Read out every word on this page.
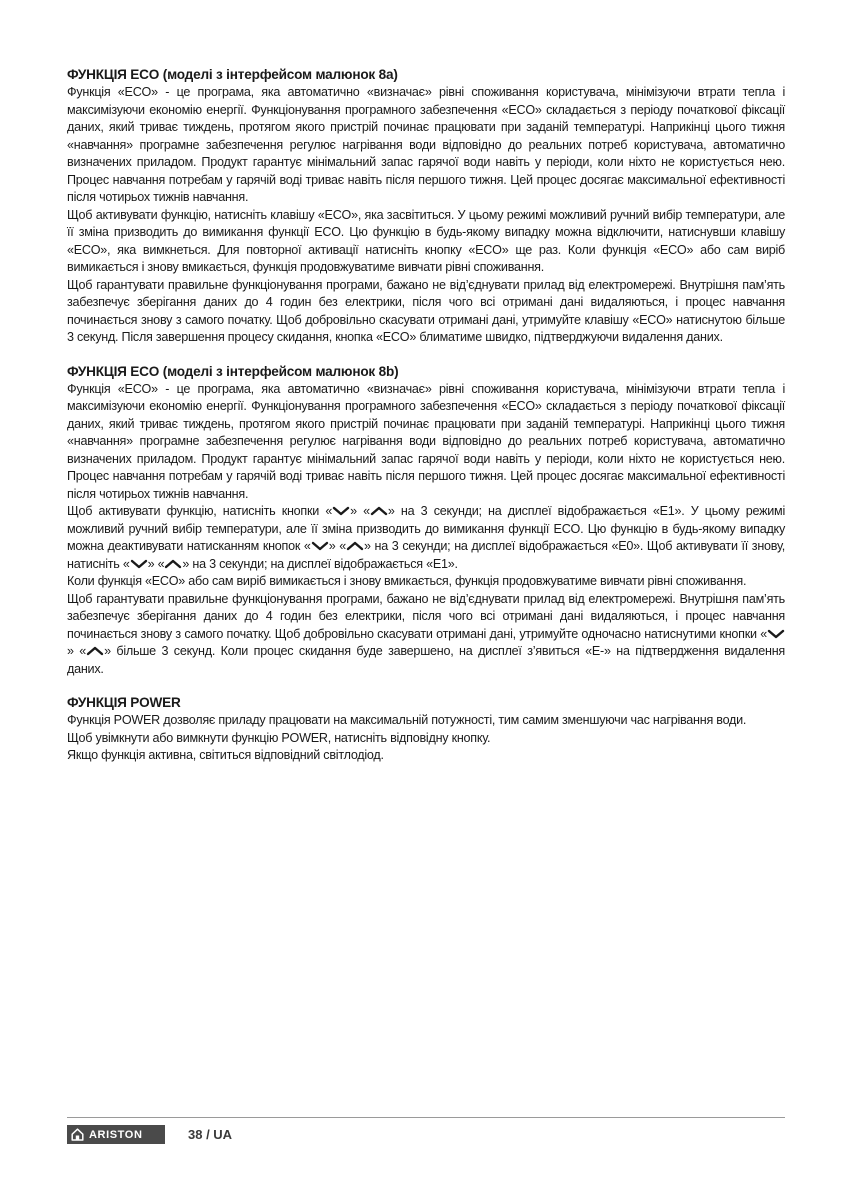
ФУНКЦІЯ ECO (моделі з інтерфейсом малюнок 8a)

Функція «ECO» - це програма, яка автоматично «визначає» рівні споживання користувача, мінімізуючи втрати тепла і максимізуючи економію енергії. Функціонування програмного забезпечення «ECO» складається з періоду початкової фіксації даних, який триває тиждень, протягом якого пристрій починає працювати при заданій температурі. Наприкінці цього тижня «навчання» програмне забезпечення регулює нагрівання води відповідно до реальних потреб користувача, автоматично визначених приладом. Продукт гарантує мінімальний запас гарячої води навіть у періоди, коли ніхто не користується нею. Процес навчання потребам у гарячій воді триває навіть після першого тижня. Цей процес досягає максимальної ефективності після чотирьох тижнів навчання.

Щоб активувати функцію, натисніть клавішу «ECO», яка засвітиться. У цьому режимі можливий ручний вибір температури, але її зміна призводить до вимикання функції ECO. Цю функцію в будь-якому випадку можна відключити, натиснувши клавішу «ECO», яка вимкнеться. Для повторної активації натисніть кнопку «ECO» ще раз. Коли функція «ECO» або сам виріб вимикається і знову вмикається, функція продовжуватиме вивчати рівні споживання.

Щоб гарантувати правильне функціонування програми, бажано не від’єднувати прилад від електромережі. Внутрішня пам’ять забезпечує зберігання даних до 4 годин без електрики, після чого всі отримані дані видаляються, і процес навчання починається знову з самого початку. Щоб добровільно скасувати отримані дані, утримуйте клавішу «ECO» натиснутою більше 3 секунд. Після завершення процесу скидання, кнопка «ECO» блиматиме швидко, підтверджуючи видалення даних.

ФУНКЦІЯ ECO (моделі з інтерфейсом малюнок 8b)

Функція «ECO» - це програма, яка автоматично «визначає» рівні споживання користувача, мінімізуючи втрати тепла і максимізуючи економію енергії. Функціонування програмного забезпечення «ECO» складається з періоду початкової фіксації даних, який триває тиждень, протягом якого пристрій починає працювати при заданій температурі. Наприкінці цього тижня «навчання» програмне забезпечення регулює нагрівання води відповідно до реальних потреб користувача, автоматично визначених приладом. Продукт гарантує мінімальний запас гарячої води навіть у періоди, коли ніхто не користується нею. Процес навчання потребам у гарячій воді триває навіть після першого тижня. Цей процес досягає максимальної ефективності після чотирьох тижнів навчання.

Щоб активувати функцію, натисніть кнопки « » « » на 3 секунди; на дисплеї відображається «E1». У цьому режимі можливий ручний вибір температури, але її зміна призводить до вимикання функції ECO. Цю функцію в будь-якому випадку можна деактивувати натисканням кнопок « » « » на 3 секунди; на дисплеї відображається «E0». Щоб активувати її знову, натисніть « » « » на 3 секунди; на дисплеї відображається «E1».

Коли функція «ECO» або сам виріб вимикається і знову вмикається, функція продовжуватиме вивчати рівні споживання.

Щоб гарантувати правильне функціонування програми, бажано не від’єднувати прилад від електромережі. Внутрішня пам’ять забезпечує зберігання даних до 4 годин без електрики, після чого всі отримані дані видаляються, і процес навчання починається знову з самого початку. Щоб добровільно скасувати отримані дані, утримуйте одночасно натиснутими кнопки «» « » більше 3 секунд. Коли процес скидання буде завершено, на дисплеї з’явиться «E-» на підтвердження видалення даних.

ФУНКЦІЯ POWER

Функція POWER дозволяє приладу працювати на максимальній потужності, тим самим зменшуючи час нагрівання води.

Щоб увімкнути або вимкнути функцію POWER, натисніть відповідну кнопку.

Якщо функція активна, світиться відповідний світлодіод.

ARISTON	38 / UA
